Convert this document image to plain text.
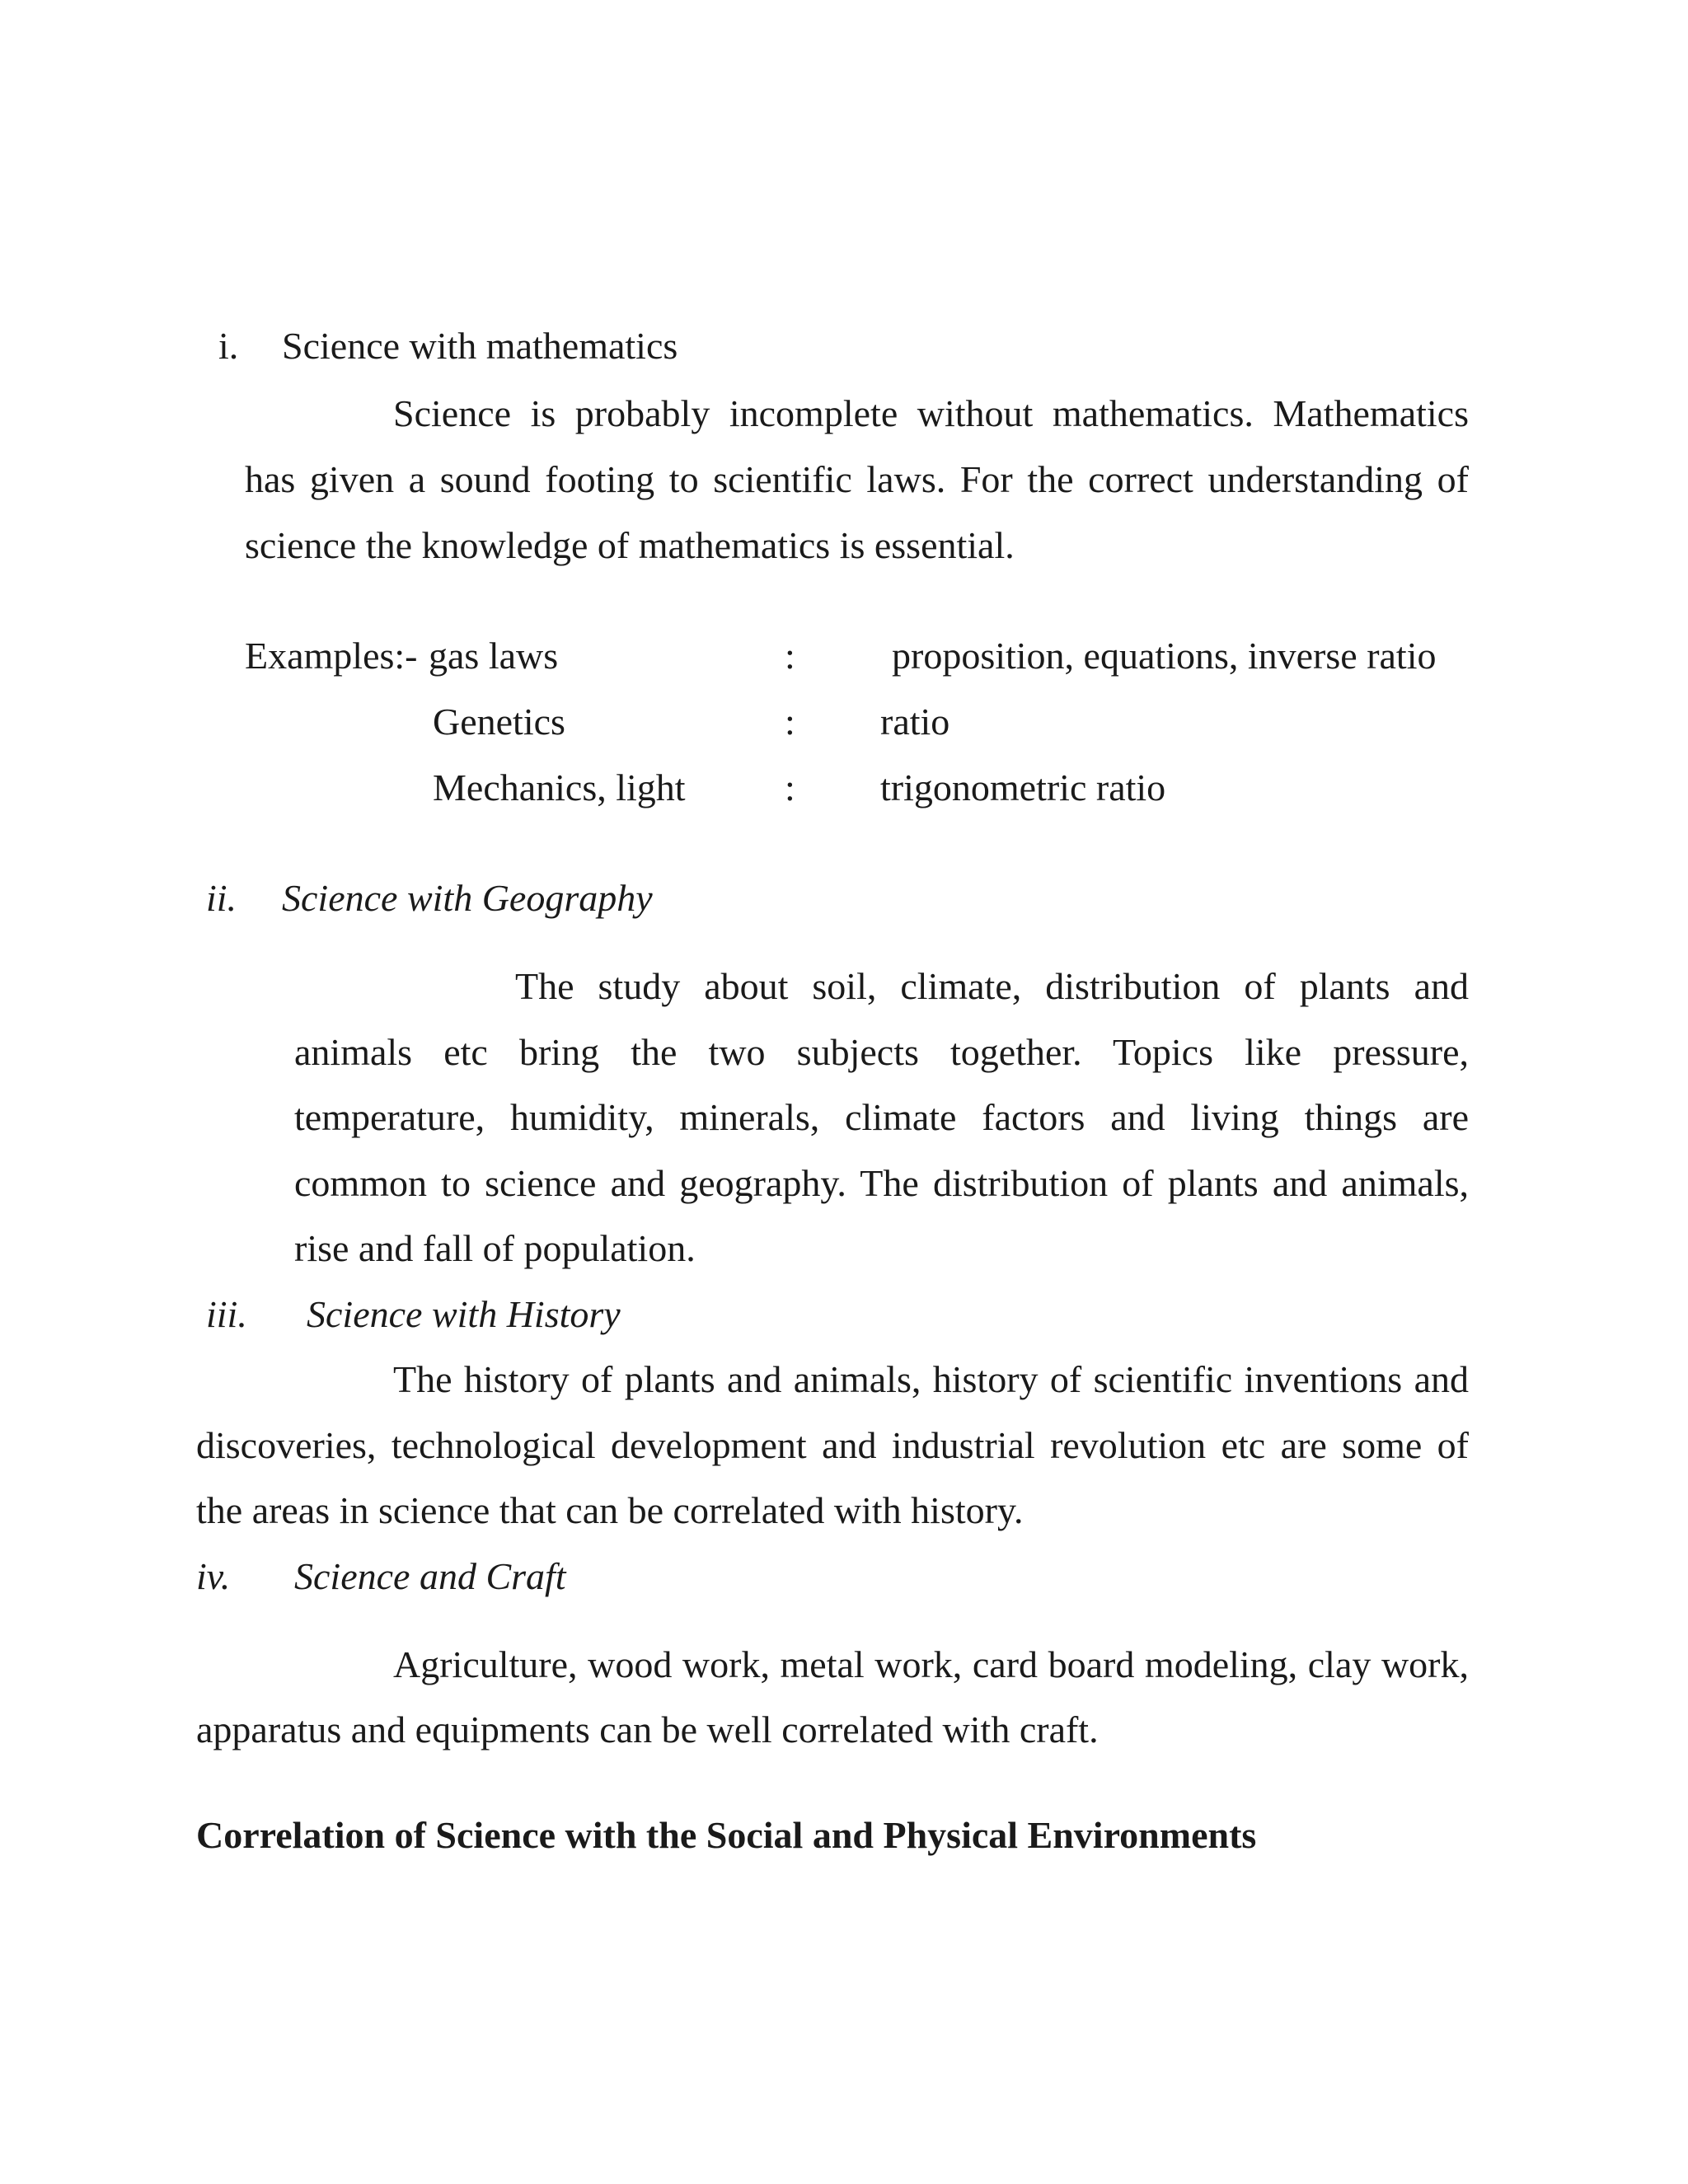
i. Science with mathematics
Science is probably incomplete without mathematics. Mathematics
has given a sound footing to scientific laws. For the correct understanding of
science the knowledge of mathematics is essential.
Examples:- gas laws	:	proposition, equations, inverse ratio
Genetics	: ratio
Mechanics, light	: trigonometric ratio
ii. Science with Geography
The study about soil, climate, distribution of plants and
animals etc bring the two subjects together. Topics like pressure,
temperature, humidity, minerals, climate factors and living things are
common to science and geography. The distribution of plants and animals,
rise and fall of population.
iii. Science with History
The history of plants and animals, history of scientific inventions and
discoveries, technological development and industrial revolution etc are some of
the areas in science that can be correlated with history.
iv. Science and Craft
Agriculture, wood work, metal work, card board modeling, clay work,
apparatus and equipments can be well correlated with craft.
Correlation of Science with the Social and Physical Environments
